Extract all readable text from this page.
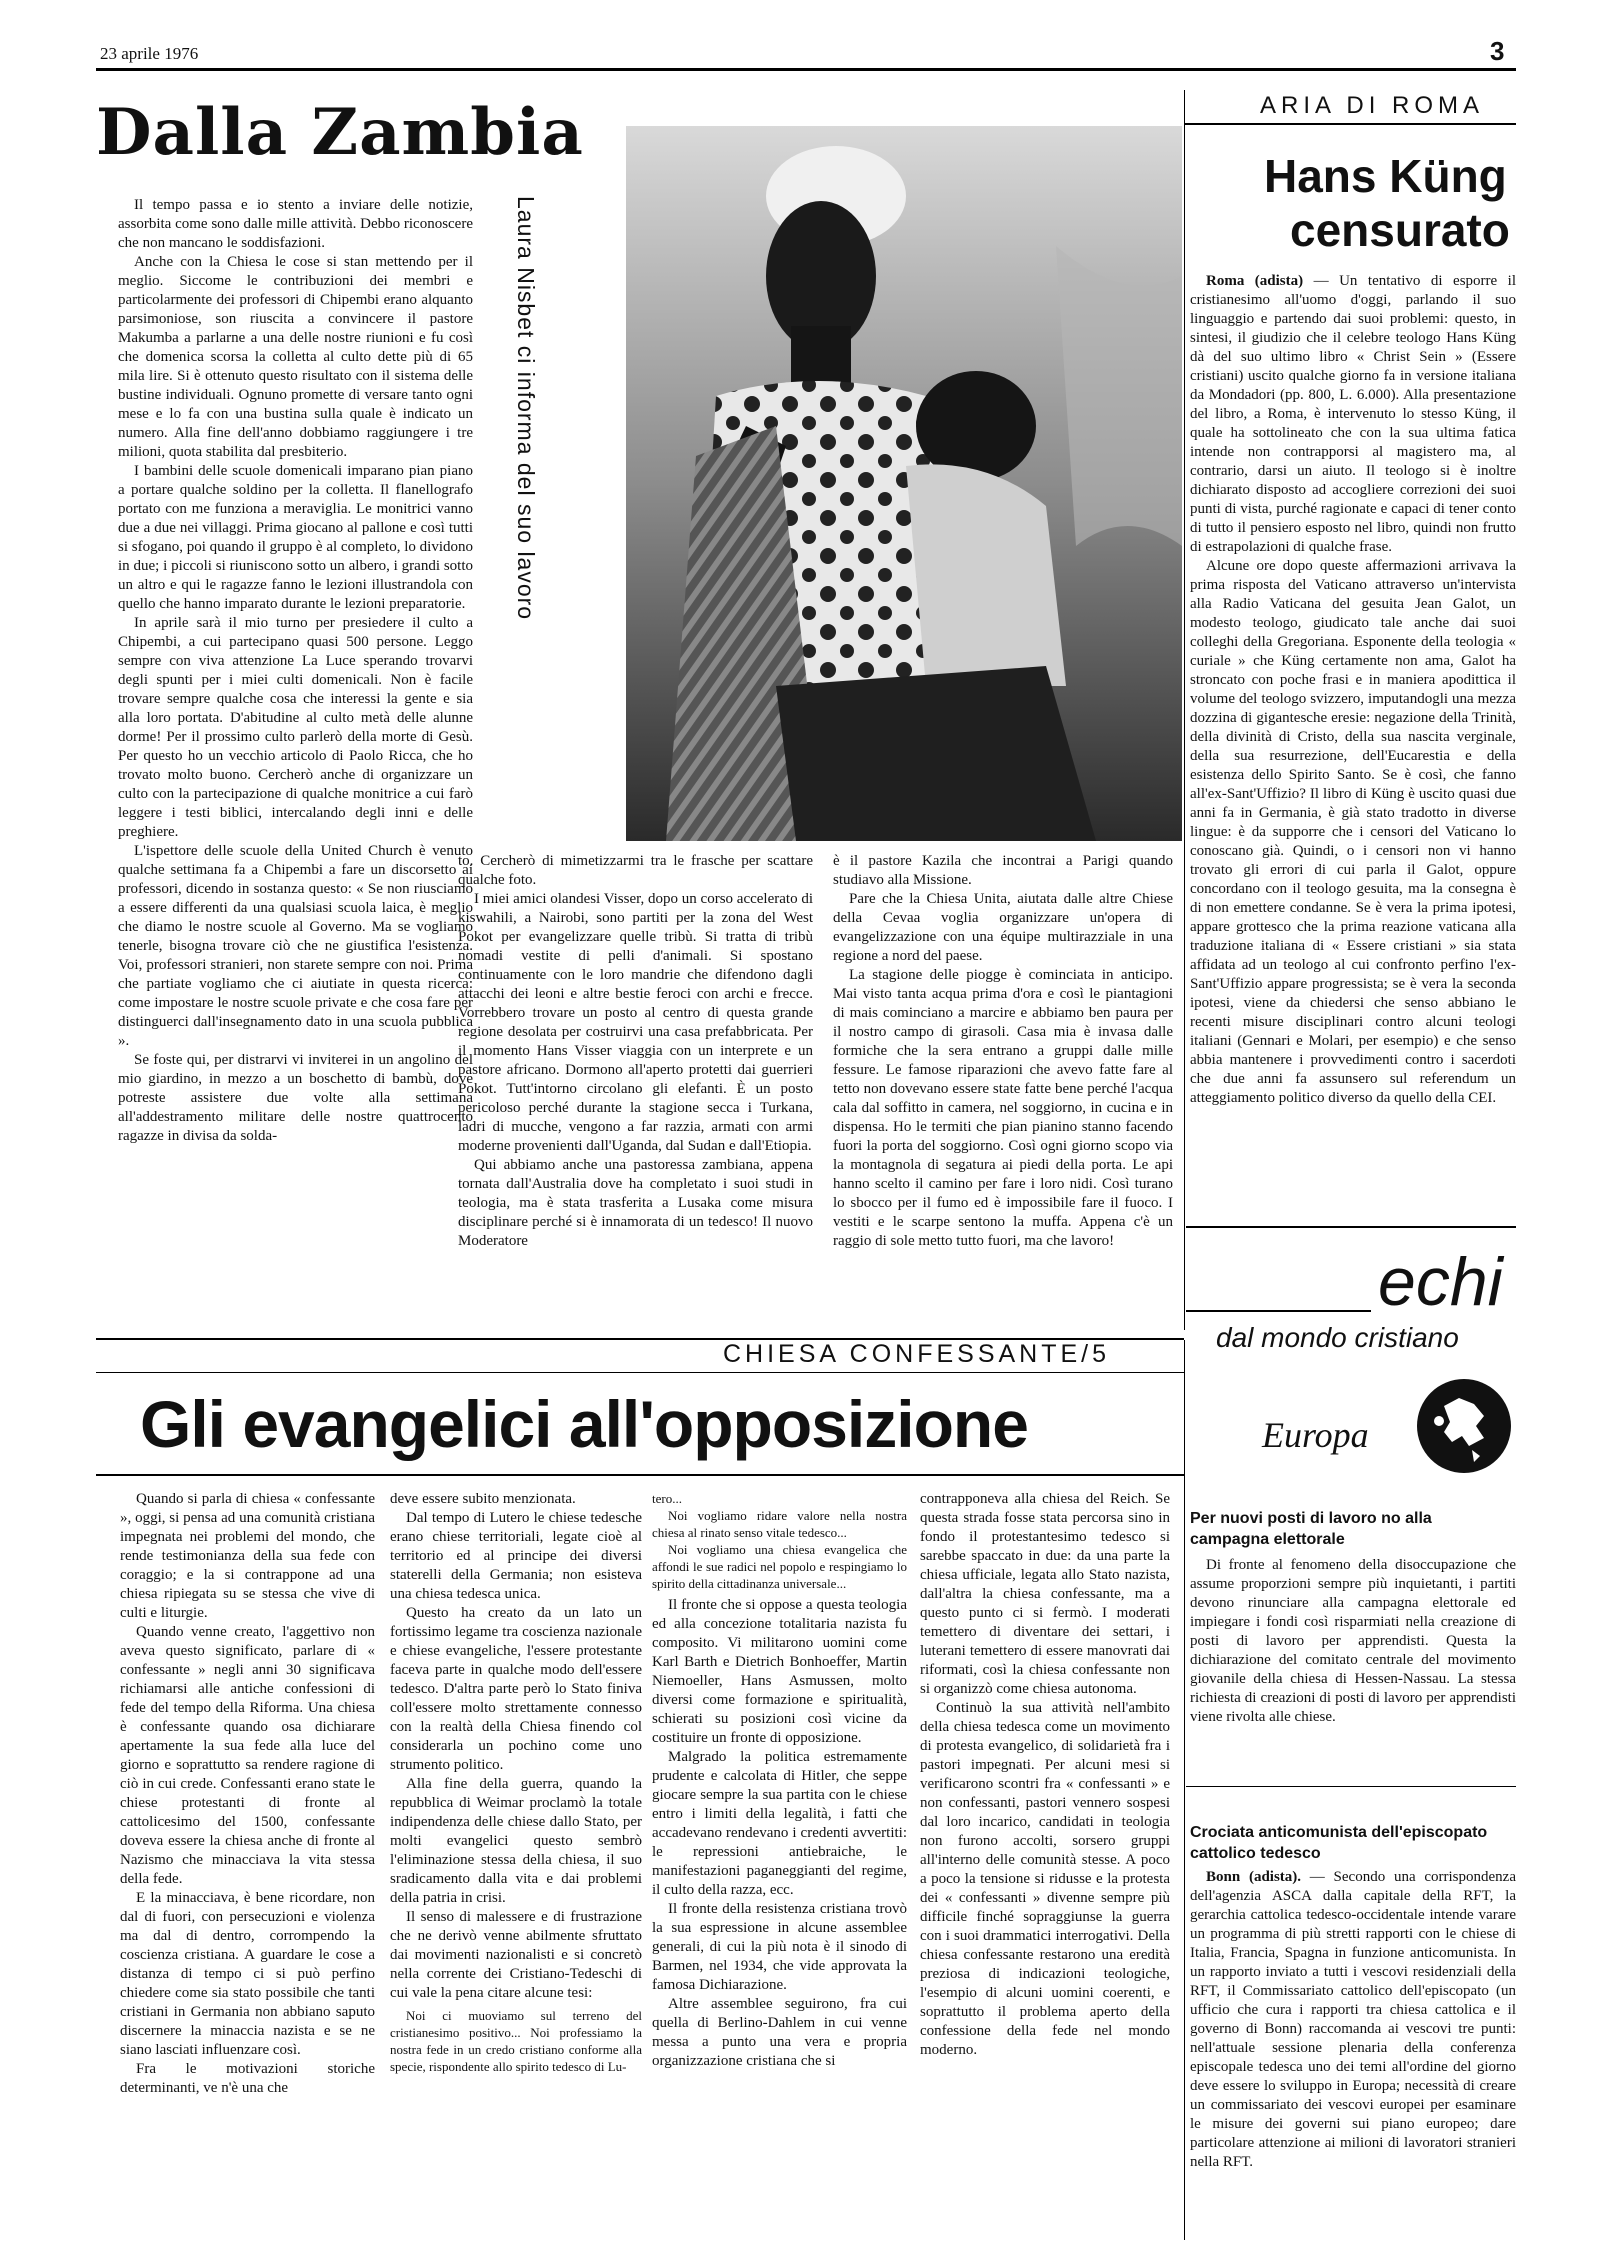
23 aprile 1976	3
Dalla Zambia

Il tempo passa e io stento a inviare delle notizie, assorbita come sono dalle mille attività. Debbo riconoscere che non mancano le soddisfazioni.

Anche con la Chiesa le cose si stan mettendo per il meglio. Siccome le contribuzioni dei membri e particolarmente dei professori di Chipembi erano alquanto parsimoniose, son riuscita a convincere il pastore Makumba a parlarne a una delle nostre riunioni e fu così che domenica scorsa la colletta al culto dette più di 65 mila lire. Si è ottenuto questo risultato con il sistema delle bustine individuali. Ognuno promette di versare tanto ogni mese e lo fa con una bustina sulla quale è indicato un numero. Alla fine dell'anno dobbiamo raggiungere i tre milioni, quota stabilita dal presbiterio.

I bambini delle scuole domenicali imparano pian piano a portare qualche soldino per la colletta. Il flanellografo portato con me funziona a meraviglia. Le monitrici vanno due a due nei villaggi. Prima giocano al pallone e così tutti si sfogano, poi quando il gruppo è al completo, lo dividono in due; i piccoli si riuniscono sotto un albero, i grandi sotto un altro e qui le ragazze fanno le lezioni illustrandola con quello che hanno imparato durante le lezioni preparatorie.

In aprile sarà il mio turno per presiedere il culto a Chipembi, a cui partecipano quasi 500 persone. Leggo sempre con viva attenzione La Luce sperando trovarvi degli spunti per i miei culti domenicali. Non è facile trovare sempre qualche cosa che interessi la gente e sia alla loro portata. D'abitudine al culto metà delle alunne dorme! Per il prossimo culto parlerò della morte di Gesù. Per questo ho un vecchio articolo di Paolo Ricca, che ho trovato molto buono. Cercherò anche di organizzare un culto con la partecipazione di qualche monitrice a cui farò leggere i testi biblici, intercalando degli inni e delle preghiere.

L'ispettore delle scuole della United Church è venuto qualche settimana fa a Chipembi a fare un discorsetto ai professori, dicendo in sostanza questo: « Se non riusciamo a essere differenti da una qualsiasi scuola laica, è meglio che diamo le nostre scuole al Governo. Ma se vogliamo tenerle, bisogna trovare ciò che ne giustifica l'esistenza. Voi, professori stranieri, non starete sempre con noi. Prima che partiate vogliamo che ci aiutiate in questa ricerca: come impostare le nostre scuole private e che cosa fare per distinguerci dall'insegnamento dato in una scuola pubblica ».

Se foste qui, per distrarvi vi inviterei in un angolino del mio giardino, in mezzo a un boschetto di bambù, dove potreste assistere due volte alla settimana all'addestramento militare delle nostre quattrocento ragazze in divisa da solda-

Laura Nisbet ci informa del suo lavoro

to. Cercherò di mimetizzarmi tra le frasche per scattare qualche foto.

I miei amici olandesi Visser, dopo un corso accelerato di kiswahili, a Nairobi, sono partiti per la zona del West Pokot per evangelizzare quelle tribù. Si tratta di tribù nomadi vestite di pelli d'animali. Si spostano continuamente con le loro mandrie che difendono dagli attacchi dei leoni e altre bestie feroci con archi e frecce. Vorrebbero trovare un posto al centro di questa grande regione desolata per costruirvi una casa prefabbricata. Per il momento Hans Visser viaggia con un interprete e un pastore africano. Dormono all'aperto protetti dai guerrieri Pokot. Tutt'intorno circolano gli elefanti. È un posto pericoloso perché durante la stagione secca i Turkana, ladri di mucche, vengono a far razzia, armati con armi moderne provenienti dall'Uganda, dal Sudan e dall'Etiopia.

Qui abbiamo anche una pastoressa zambiana, appena tornata dall'Australia dove ha completato i suoi studi in teologia, ma è stata trasferita a Lusaka come misura disciplinare perché si è innamorata di un tedesco! Il nuovo Moderatore

è il pastore Kazila che incontrai a Parigi quando studiavo alla Missione.

Pare che la Chiesa Unita, aiutata dalle altre Chiese della Cevaa voglia organizzare un'opera di evangelizzazione con una équipe multirazziale in una regione a nord del paese.

La stagione delle piogge è cominciata in anticipo. Mai visto tanta acqua prima d'ora e così le piantagioni di mais cominciano a marcire e abbiamo ben paura per il nostro campo di girasoli. Casa mia è invasa dalle formiche che la sera entrano a gruppi dalle mille fessure. Le famose riparazioni che avevo fatte fare al tetto non dovevano essere state fatte bene perché l'acqua cala dal soffitto in camera, nel soggiorno, in cucina e in dispensa. Ho le termiti che pian pianino stanno facendo fuori la porta del soggiorno. Così ogni giorno scopo via la montagnola di segatura ai piedi della porta. Le api hanno scelto il camino per fare i loro nidi. Così turano lo sbocco per il fumo ed è impossibile fare il fuoco. I vestiti e le scarpe sentono la muffa. Appena c'è un raggio di sole metto tutto fuori, ma che lavoro!

ARIA DI ROMA
Hans Küng
censurato

Roma (adista) — Un tentativo di esporre il cristianesimo all'uomo d'oggi, parlando il suo linguaggio e partendo dai suoi problemi: questo, in sintesi, il giudizio che il celebre teologo Hans Küng dà del suo ultimo libro « Christ Sein » (Essere cristiani) uscito qualche giorno fa in versione italiana da Mondadori (pp. 800, L. 6.000). Alla presentazione del libro, a Roma, è intervenuto lo stesso Küng, il quale ha sottolineato che con la sua ultima fatica intende non contrapporsi al magistero ma, al contrario, darsi un aiuto. Il teologo si è inoltre dichiarato disposto ad accogliere correzioni dei suoi punti di vista, purché ragionate e capaci di tener conto di tutto il pensiero esposto nel libro, quindi non frutto di estrapolazioni di qualche frase.

Alcune ore dopo queste affermazioni arrivava la prima risposta del Vaticano attraverso un'intervista alla Radio Vaticana del gesuita Jean Galot, un modesto teologo, giudicato tale anche dai suoi colleghi della Gregoriana. Esponente della teologia « curiale » che Küng certamente non ama, Galot ha stroncato con poche frasi e in maniera apodittica il volume del teologo svizzero, imputandogli una mezza dozzina di gigantesche eresie: negazione della Trinità, della divinità di Cristo, della sua nascita verginale, della sua resurrezione, dell'Eucarestia e della esistenza dello Spirito Santo. Se è così, che fanno all'ex-Sant'Uffizio? Il libro di Küng è uscito quasi due anni fa in Germania, è già stato tradotto in diverse lingue: è da supporre che i censori del Vaticano lo conoscano già. Quindi, o i censori non vi hanno trovato gli errori di cui parla il Galot, oppure concordano con il teologo gesuita, ma la consegna è di non emettere condanne. Se è vera la prima ipotesi, appare grottesco che la prima reazione vaticana alla traduzione italiana di « Essere cristiani » sia stata affidata ad un teologo al cui confronto perfino l'ex-Sant'Uffizio appare progressista; se è vera la seconda ipotesi, viene da chiedersi che senso abbiano le recenti misure disciplinari contro alcuni teologi italiani (Gennari e Molari, per esempio) e che senso abbia mantenere i provvedimenti contro i sacerdoti che due anni fa assunsero sul referendum un atteggiamento politico diverso da quello della CEI.

echi
dal mondo cristiano
Europa
Per nuovi posti di lavoro no alla campagna elettorale

Di fronte al fenomeno della disoccupazione che assume proporzioni sempre più inquietanti, i partiti devono rinunciare alla campagna elettorale ed impiegare i fondi così risparmiati nella creazione di posti di lavoro per apprendisti. Questa la dichiarazione del comitato centrale del movimento giovanile della chiesa di Hessen-Nassau. La stessa richiesta di creazioni di posti di lavoro per apprendisti viene rivolta alle chiese.

Crociata anticomunista dell'episcopato cattolico tedesco

Bonn (adista). — Secondo una corrispondenza dell'agenzia ASCA dalla capitale della RFT, la gerarchia cattolica tedesco-occidentale intende varare un programma di più stretti rapporti con le chiese di Italia, Francia, Spagna in funzione anticomunista. In un rapporto inviato a tutti i vescovi residenziali della RFT, il Commissariato cattolico dell'episcopato (un ufficio che cura i rapporti tra chiesa cattolica e il governo di Bonn) raccomanda ai vescovi tre punti: nell'attuale sessione plenaria della conferenza episcopale tedesca uno dei temi all'ordine del giorno deve essere lo sviluppo in Europa; necessità di creare un commissariato dei vescovi europei per esaminare le misure dei governi sui piano europeo; dare particolare attenzione ai milioni di lavoratori stranieri nella RFT.

CHIESA CONFESSANTE/5
Gli evangelici all'opposizione

Quando si parla di chiesa « confessante », oggi, si pensa ad una comunità cristiana impegnata nei problemi del mondo, che rende testimonianza della sua fede con coraggio; e la si contrappone ad una chiesa ripiegata su se stessa che vive di culti e liturgie.

Quando venne creato, l'aggettivo non aveva questo significato, parlare di « confessante » negli anni 30 significava richiamarsi alle antiche confessioni di fede del tempo della Riforma. Una chiesa è confessante quando osa dichiarare apertamente la sua fede alla luce del giorno e soprattutto sa rendere ragione di ciò in cui crede. Confessanti erano state le chiese protestanti di fronte al cattolicesimo del 1500, confessante doveva essere la chiesa anche di fronte al Nazismo che minacciava la vita stessa della fede.

E la minacciava, è bene ricordare, non dal di fuori, con persecuzioni e violenza ma dal di dentro, corrompendo la coscienza cristiana. A guardare le cose a distanza di tempo ci si può perfino chiedere come sia stato possibile che tanti cristiani in Germania non abbiano saputo discernere la minaccia nazista e se ne siano lasciati influenzare così.

Fra le motivazioni storiche determinanti, ve n'è una che

deve essere subito menzionata.

Dal tempo di Lutero le chiese tedesche erano chiese territoriali, legate cioè al territorio ed al principe dei diversi staterelli della Germania; non esisteva una chiesa tedesca unica.

Questo ha creato da un lato un fortissimo legame tra coscienza nazionale e chiese evangeliche, l'essere protestante faceva parte in qualche modo dell'essere tedesco. D'altra parte però lo Stato finiva coll'essere molto strettamente connesso con la realtà della Chiesa finendo col considerarla un pochino come uno strumento politico.

Alla fine della guerra, quando la repubblica di Weimar proclamò la totale indipendenza delle chiese dallo Stato, per molti evangelici questo sembrò l'eliminazione stessa della chiesa, il suo sradicamento dalla vita e dai problemi della patria in crisi.

Il senso di malessere e di frustrazione che ne derivò venne abilmente sfruttato dai movimenti nazionalisti e si concretò nella corrente dei Cristiano-Tedeschi di cui vale la pena citare alcune tesi:

Noi ci muoviamo sul terreno del cristianesimo positivo... Noi professiamo la nostra fede in un credo cristiano conforme alla specie, rispondente allo spirito tedesco di Lu-

tero...

Noi vogliamo ridare valore nella nostra chiesa al rinato senso vitale tedesco...

Noi vogliamo una chiesa evangelica che affondi le sue radici nel popolo e respingiamo lo spirito della cittadinanza universale...

Il fronte che si oppose a questa teologia ed alla concezione totalitaria nazista fu composito. Vi militarono uomini come Karl Barth e Dietrich Bonhoeffer, Martin Niemoeller, Hans Asmussen, molto diversi come formazione e spiritualità, schierati su posizioni così vicine da costituire un fronte di opposizione.

Malgrado la politica estremamente prudente e calcolata di Hitler, che seppe giocare sempre la sua partita con le chiese entro i limiti della legalità, i fatti che accadevano rendevano i credenti avvertiti: le repressioni antiebraiche, le manifestazioni paganeggianti del regime, il culto della razza, ecc.

Il fronte della resistenza cristiana trovò la sua espressione in alcune assemblee generali, di cui la più nota è il sinodo di Barmen, nel 1934, che vide approvata la famosa Dichiarazione.

Altre assemblee seguirono, fra cui quella di Berlino-Dahlem in cui venne messa a punto una vera e propria organizzazione cristiana che si

contrapponeva alla chiesa del Reich. Se questa strada fosse stata percorsa sino in fondo il protestantesimo tedesco si sarebbe spaccato in due: da una parte la chiesa ufficiale, legata allo Stato nazista, dall'altra la chiesa confessante, ma a questo punto ci si fermò. I moderati temettero di diventare dei settari, i luterani temettero di essere manovrati dai riformati, così la chiesa confessante non si organizzò come chiesa autonoma.

Continuò la sua attività nell'ambito della chiesa tedesca come un movimento di protesta evangelico, di solidarietà fra i pastori impegnati. Per alcuni mesi si verificarono scontri fra « confessanti » e non confessanti, pastori vennero sospesi dal loro incarico, candidati in teologia non furono accolti, sorsero gruppi all'interno delle comunità stesse. A poco a poco la tensione si ridusse e la protesta dei « confessanti » divenne sempre più difficile finché sopraggiunse la guerra con i suoi drammatici interrogativi. Della chiesa confessante restarono una eredità preziosa di indicazioni teologiche, l'esempio di alcuni uomini coerenti, e soprattutto il problema aperto della confessione della fede nel mondo moderno.
